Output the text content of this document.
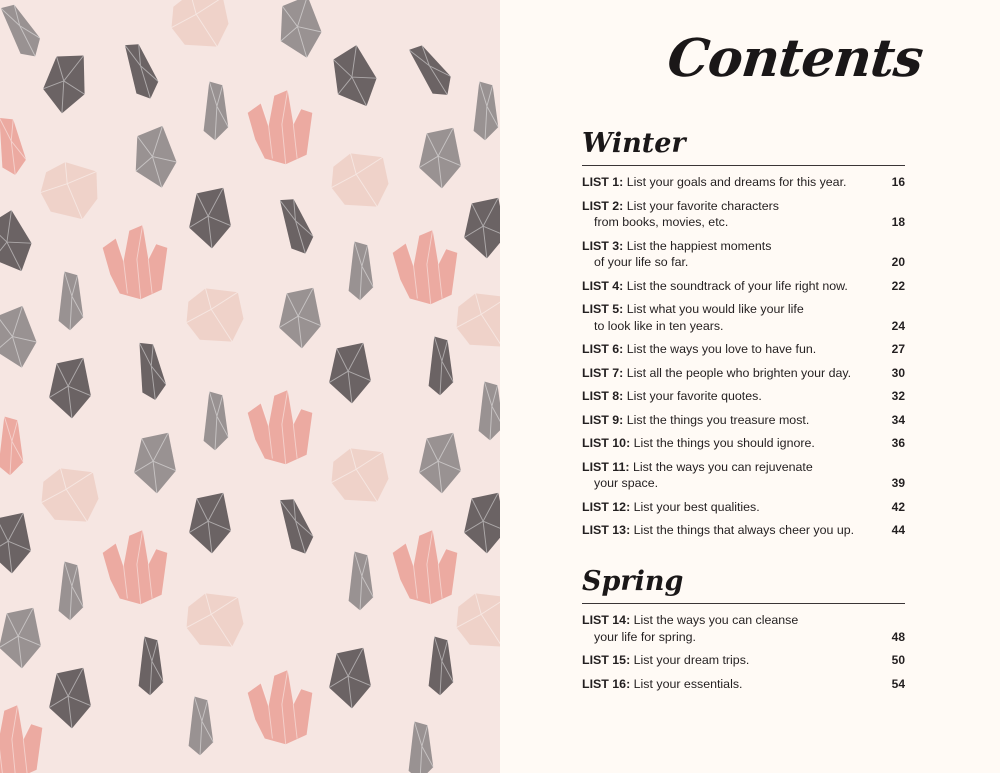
Contents
Winter
LIST 1: List your goals and dreams for this year.	16
LIST 2: List your favorite characters
from books, movies, etc.	18
LIST 3: List the happiest moments
of your life so far.	20
LIST 4: List the soundtrack of your life right now.	22
LIST 5: List what you would like your life
to look like in ten years.	24
LIST 6: List the ways you love to have fun.	27
LIST 7: List all the people who brighten your day.	30
LIST 8: List your favorite quotes.	32
LIST 9: List the things you treasure most.	34
LIST 10: List the things you should ignore.	36
LIST 11: List the ways you can rejuvenate
your space.	39
LIST 12: List your best qualities.	42
LIST 13: List the things that always cheer you up.	44
Spring
LIST 14: List the ways you can cleanse
your life for spring.	48
LIST 15: List your dream trips.	50
LIST 16: List your essentials.	54
